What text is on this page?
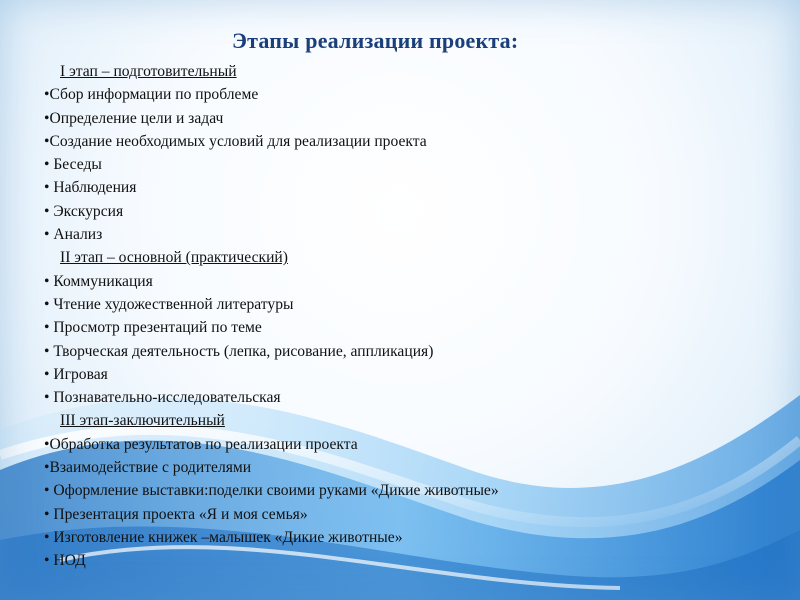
Этапы реализации проекта:
I этап – подготовительный
•Сбор информации по проблеме
•Определение цели и задач
•Создание необходимых условий для реализации проекта
• Беседы
• Наблюдения
• Экскурсия
• Анализ
II этап – основной (практический)
• Коммуникация
• Чтение художественной литературы
• Просмотр презентаций по теме
• Творческая деятельность (лепка, рисование, аппликация)
• Игровая
• Познавательно-исследовательская
III этап-заключительный
•Обработка результатов по реализации проекта
•Взаимодействие с родителями
• Оформление выставки:поделки своими руками «Дикие животные»
• Презентация проекта «Я и моя семья»
• Изготовление книжек –малышек «Дикие животные»
• НОД
